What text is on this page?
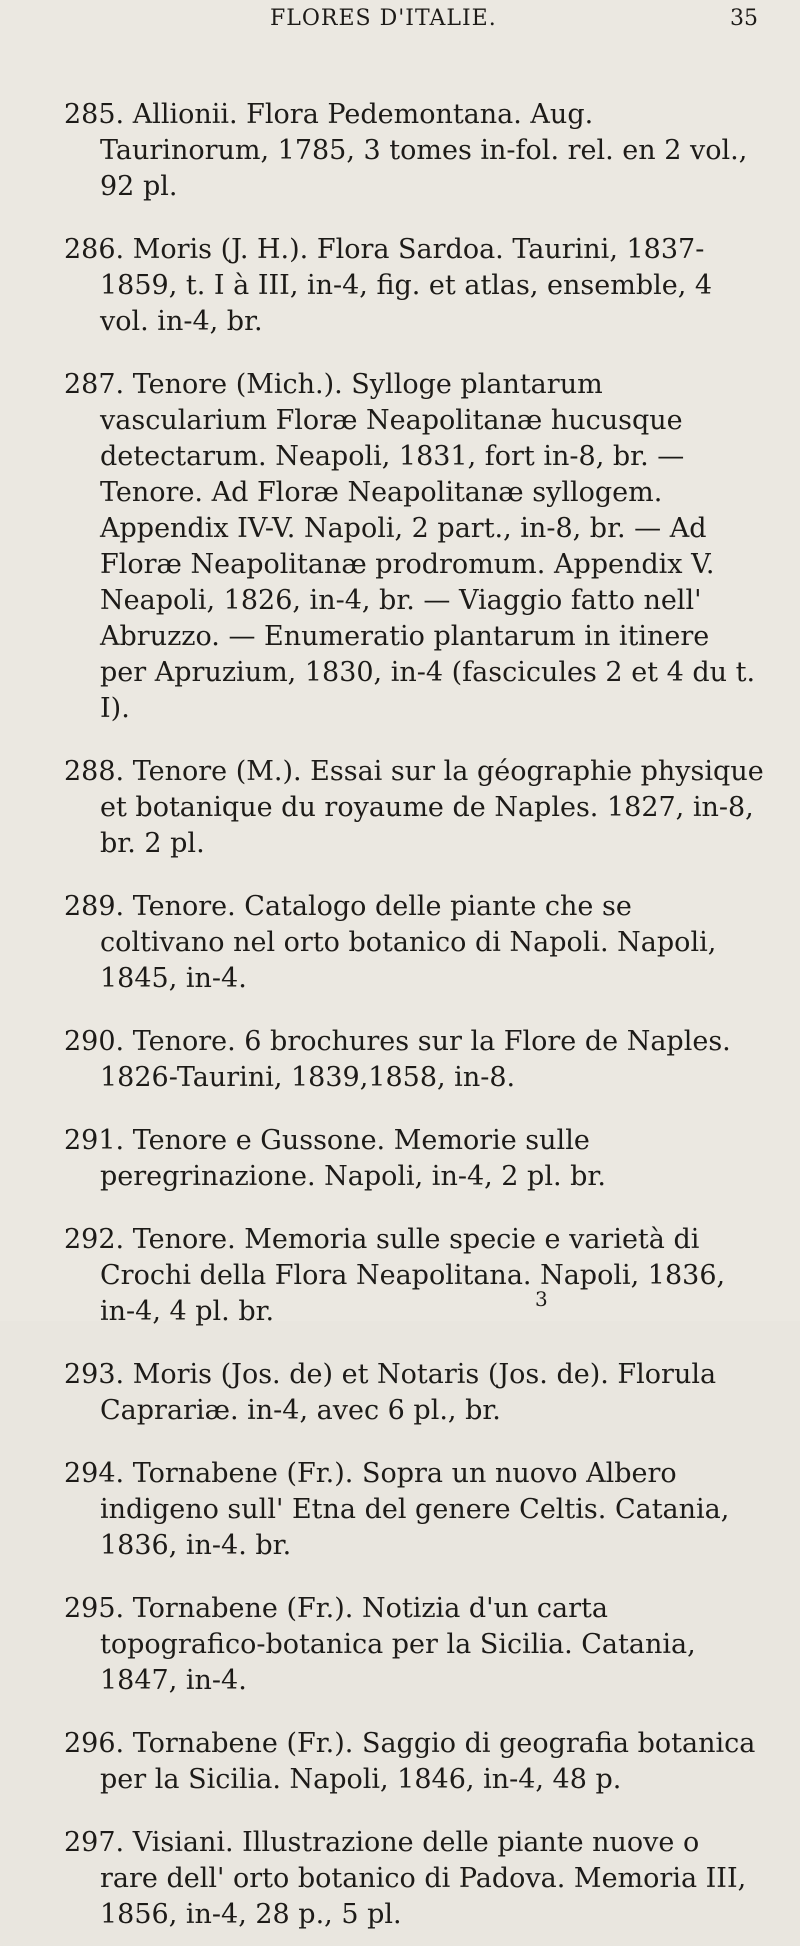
FLORES D'ITALIE.	35

285. Allionii. Flora Pedemontana. Aug. Taurinorum, 1785, 3 tomes in-fol. rel. en 2 vol., 92 pl.

286. Moris (J. H.). Flora Sardoa. Taurini, 1837-1859, t. I à III, in-4, fig. et atlas, ensemble, 4 vol. in-4, br.

287. Tenore (Mich.). Sylloge plantarum vascularium Floræ Neapolitanæ hucusque detectarum. Neapoli, 1831, fort in-8, br. — Tenore. Ad Floræ Neapolitanæ syllogem. Appendix IV-V. Napoli, 2 part., in-8, br. — Ad Floræ Neapolitanæ prodromum. Appendix V. Neapoli, 1826, in-4, br. — Viaggio fatto nell' Abruzzo. — Enumeratio plantarum in itinere per Apruzium, 1830, in-4 (fascicules 2 et 4 du t. I).

288. Tenore (M.). Essai sur la géographie physique et botanique du royaume de Naples. 1827, in-8, br. 2 pl.

289. Tenore. Catalogo delle piante che se coltivano nel orto botanico di Napoli. Napoli, 1845, in-4.

290. Tenore. 6 brochures sur la Flore de Naples. 1826-Taurini, 1839,1858, in-8.

291. Tenore e Gussone. Memorie sulle peregrinazione. Napoli, in-4, 2 pl. br.

292. Tenore. Memoria sulle specie e varietà di Crochi della Flora Neapolitana. Napoli, 1836, in-4, 4 pl. br.

293. Moris (Jos. de) et Notaris (Jos. de). Florula Caprariæ. in-4, avec 6 pl., br.

294. Tornabene (Fr.). Sopra un nuovo Albero indigeno sull' Etna del genere Celtis. Catania, 1836, in-4. br.

295. Tornabene (Fr.). Notizia d'un carta topografico-botanica per la Sicilia. Catania, 1847, in-4.

296. Tornabene (Fr.). Saggio di geografia botanica per la Sicilia. Napoli, 1846, in-4, 48 p.

297. Visiani. Illustrazione delle piante nuove o rare dell' orto botanico di Padova. Memoria III, 1856, in-4, 28 p., 5 pl.

3
